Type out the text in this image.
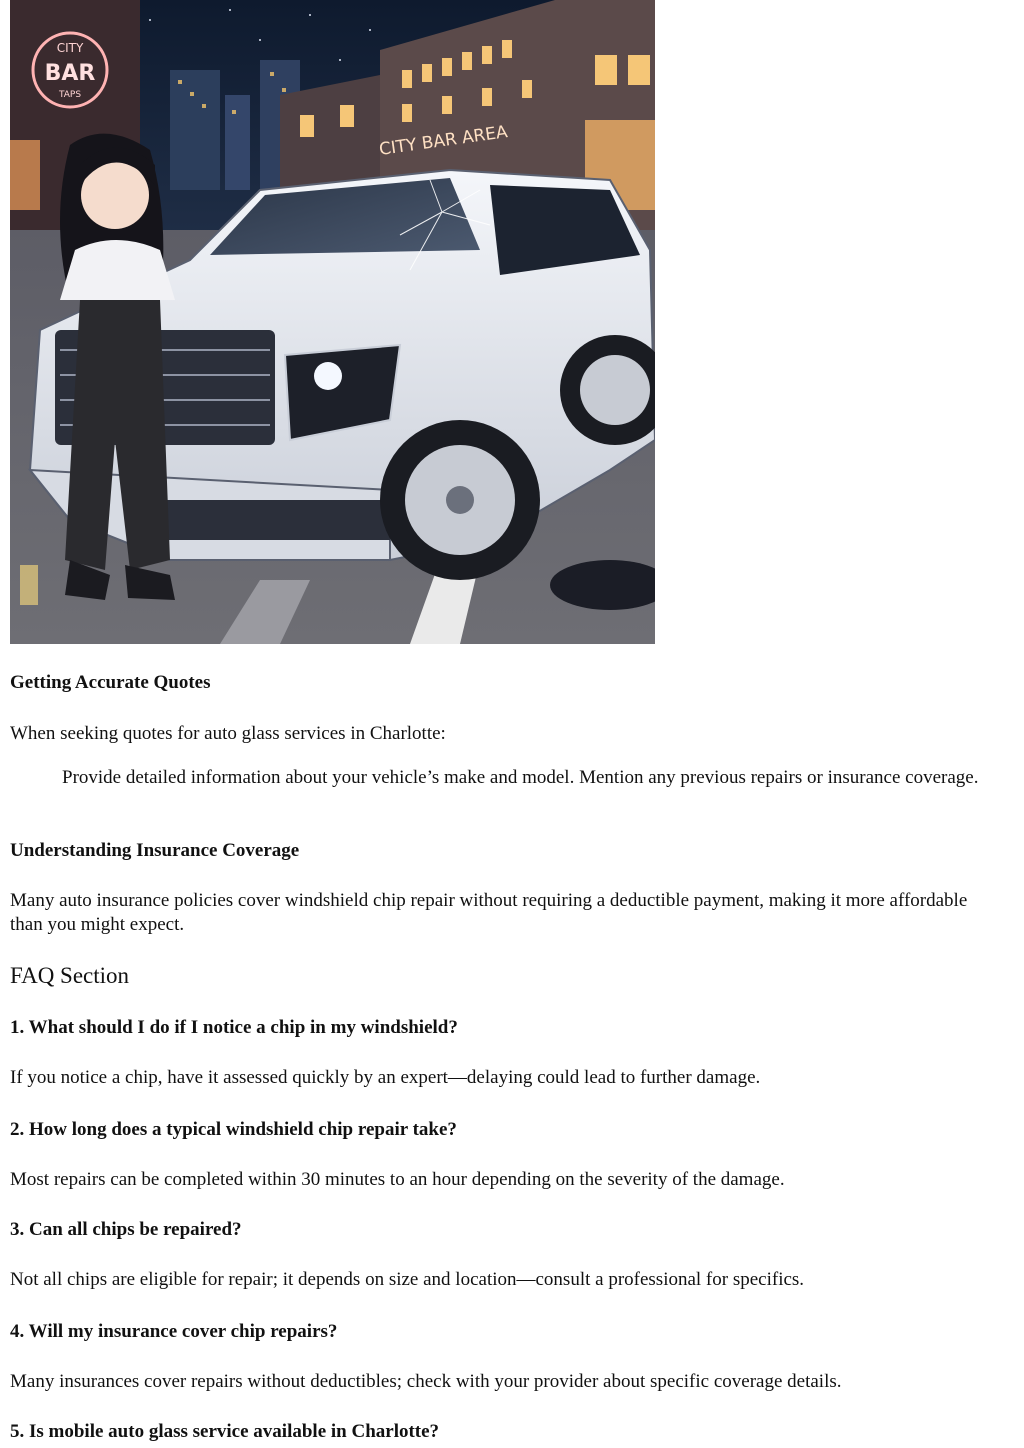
CITY BAR AREA
CITY
BAR
TAPS
Getting Accurate Quotes

When seeking quotes for auto glass services in Charlotte:

Provide detailed information about your vehicle’s make and model. Mention any previous repairs or insurance coverage.

Understanding Insurance Coverage

Many auto insurance policies cover windshield chip repair without requiring a deductible payment, making it more affordable than you might expect.

FAQ Section
1. What should I do if I notice a chip in my windshield?

If you notice a chip, have it assessed quickly by an expert—delaying could lead to further damage.

2. How long does a typical windshield chip repair take?

Most repairs can be completed within 30 minutes to an hour depending on the severity of the damage.

3. Can all chips be repaired?

Not all chips are eligible for repair; it depends on size and location—consult a professional for specifics.

4. Will my insurance cover chip repairs?

Many insurances cover repairs without deductibles; check with your provider about specific coverage details.

5. Is mobile auto glass service available in Charlotte?
